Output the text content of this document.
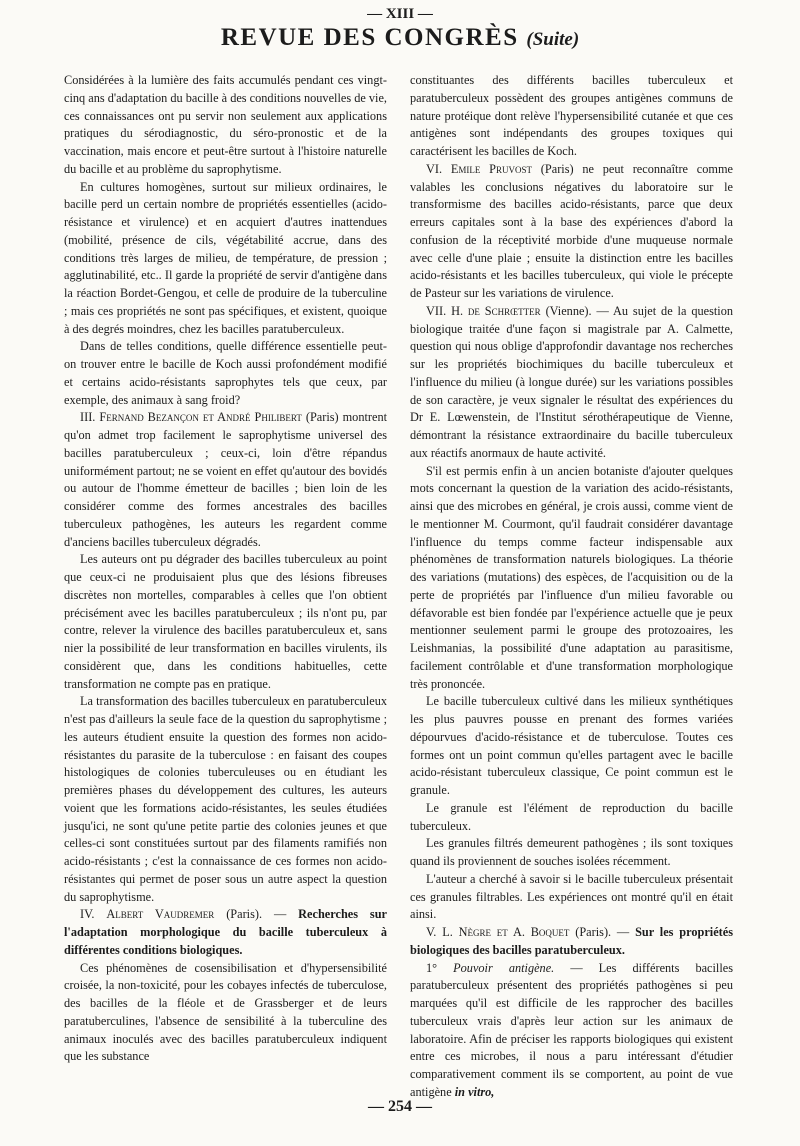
— XIII —
REVUE DES CONGRÈS (Suite)

Considérées à la lumière des faits accumulés pendant ces vingt-cinq ans d'adaptation du bacille à des conditions nouvelles de vie, ces connaissances ont pu servir non seulement aux applications pratiques du sérodiagnostic, du séro-pronostic et de la vaccination, mais encore et peut-être surtout à l'histoire naturelle du bacille et au problème du saprophytisme.

En cultures homogènes, surtout sur milieux ordinaires, le bacille perd un certain nombre de propriétés essentielles (acido-résistance et virulence) et en acquiert d'autres inattendues (mobilité, présence de cils, végétabilité accrue, dans des conditions très larges de milieu, de température, de pression ; agglutinabilité, etc.. Il garde la propriété de servir d'antigène dans la réaction Bordet-Gengou, et celle de produire de la tuberculine ; mais ces propriétés ne sont pas spécifiques, et existent, quoique à des degrés moindres, chez les bacilles paratuberculeux.

Dans de telles conditions, quelle différence essentielle peut-on trouver entre le bacille de Koch aussi profondément modifié et certains acido-résistants saprophytes tels que ceux, par exemple, des animaux à sang froid?

III. Fernand Bezançon et André Philibert (Paris) montrent qu'on admet trop facilement le saprophytisme universel des bacilles paratuberculeux ; ceux-ci, loin d'être répandus uniformément partout; ne se voient en effet qu'autour des bovidés ou autour de l'homme émetteur de bacilles ; bien loin de les considérer comme des formes ancestrales des bacilles tuberculeux pathogènes, les auteurs les regardent comme d'anciens bacilles tuberculeux dégradés.

Les auteurs ont pu dégrader des bacilles tuberculeux au point que ceux-ci ne produisaient plus que des lésions fibreuses discrètes non mortelles, comparables à celles que l'on obtient précisément avec les bacilles paratuberculeux ; ils n'ont pu, par contre, relever la virulence des bacilles paratuberculeux et, sans nier la possibilité de leur transformation en bacilles virulents, ils considèrent que, dans les conditions habituelles, cette transformation ne compte pas en pratique.

La transformation des bacilles tuberculeux en paratuberculeux n'est pas d'ailleurs la seule face de la question du saprophytisme ; les auteurs étudient ensuite la question des formes non acido-résistantes du parasite de la tuberculose : en faisant des coupes histologiques de colonies tuberculeuses ou en étudiant les premières phases du développement des cultures, les auteurs voient que les formations acido-résistantes, les seules étudiées jusqu'ici, ne sont qu'une petite partie des colonies jeunes et que celles-ci sont constituées surtout par des filaments ramifiés non acido-résistants ; c'est la connaissance de ces formes non acido-résistantes qui permet de poser sous un autre aspect la question du saprophytisme.

IV. Albert Vaudremer (Paris). — Recherches sur l'adaptation morphologique du bacille tuberculeux à différentes conditions biologiques.

Ces phénomènes de cosensibilisation et d'hypersensibilité croisée, la non-toxicité, pour les cobayes infectés de tuberculose, des bacilles de la fléole et de Grassberger et de leurs paratuberculines, l'absence de sensibilité à la tuberculine des animaux inoculés avec des bacilles paratuberculeux indiquent que les substance

constituantes des différents bacilles tuberculeux et paratuberculeux possèdent des groupes antigènes communs de nature protéique dont relève l'hypersensibilité cutanée et que ces antigènes sont indépendants des groupes toxiques qui caractérisent les bacilles de Koch.

VI. Emile Pruvost (Paris) ne peut reconnaître comme valables les conclusions négatives du laboratoire sur le transformisme des bacilles acido-résistants, parce que deux erreurs capitales sont à la base des expériences d'abord la confusion de la réceptivité morbide d'une muqueuse normale avec celle d'une plaie ; ensuite la distinction entre les bacilles acido-résistants et les bacilles tuberculeux, qui viole le précepte de Pasteur sur les variations de virulence.

VII. H. de Schrœtter (Vienne). — Au sujet de la question biologique traitée d'une façon si magistrale par A. Calmette, question qui nous oblige d'approfondir davantage nos recherches sur les propriétés biochimiques du bacille tuberculeux et l'influence du milieu (à longue durée) sur les variations possibles de son caractère, je veux signaler le résultat des expériences du Dr E. Lœwenstein, de l'Institut sérothérapeutique de Vienne, démontrant la résistance extraordinaire du bacille tuberculeux aux réactifs anormaux de haute activité.

S'il est permis enfin à un ancien botaniste d'ajouter quelques mots concernant la question de la variation des acido-résistants, ainsi que des microbes en général, je crois aussi, comme vient de le mentionner M. Courmont, qu'il faudrait considérer davantage l'influence du temps comme facteur indispensable aux phénomènes de transformation naturels biologiques. La théorie des variations (mutations) des espèces, de l'acquisition ou de la perte de propriétés par l'influence d'un milieu favorable ou défavorable est bien fondée par l'expérience actuelle que je peux mentionner seulement parmi le groupe des protozoaires, les Leishmanias, la possibilité d'une adaptation au parasitisme, facilement contrôlable et d'une transformation morphologique très prononcée.

Le bacille tuberculeux cultivé dans les milieux synthétiques les plus pauvres pousse en prenant des formes variées dépourvues d'acido-résistance et de tuberculose. Toutes ces formes ont un point commun qu'elles partagent avec le bacille acido-résistant tuberculeux classique, Ce point commun est le granule.

Le granule est l'élément de reproduction du bacille tuberculeux.

Les granules filtrés demeurent pathogènes ; ils sont toxiques quand ils proviennent de souches isolées récemment.

L'auteur a cherché à savoir si le bacille tuberculeux présentait ces granules filtrables. Les expériences ont montré qu'il en était ainsi.

V. L. Nègre et A. Boquet (Paris). — Sur les propriétés biologiques des bacilles paratuberculeux.

1° Pouvoir antigène. — Les différents bacilles paratuberculeux présentent des propriétés pathogènes si peu marquées qu'il est difficile de les rapprocher des bacilles tuberculeux vrais d'après leur action sur les animaux de laboratoire. Afin de préciser les rapports biologiques qui existent entre ces microbes, il nous a paru intéressant d'étudier comparativement comment ils se comportent, au point de vue antigène in vitro,

— 254 —
